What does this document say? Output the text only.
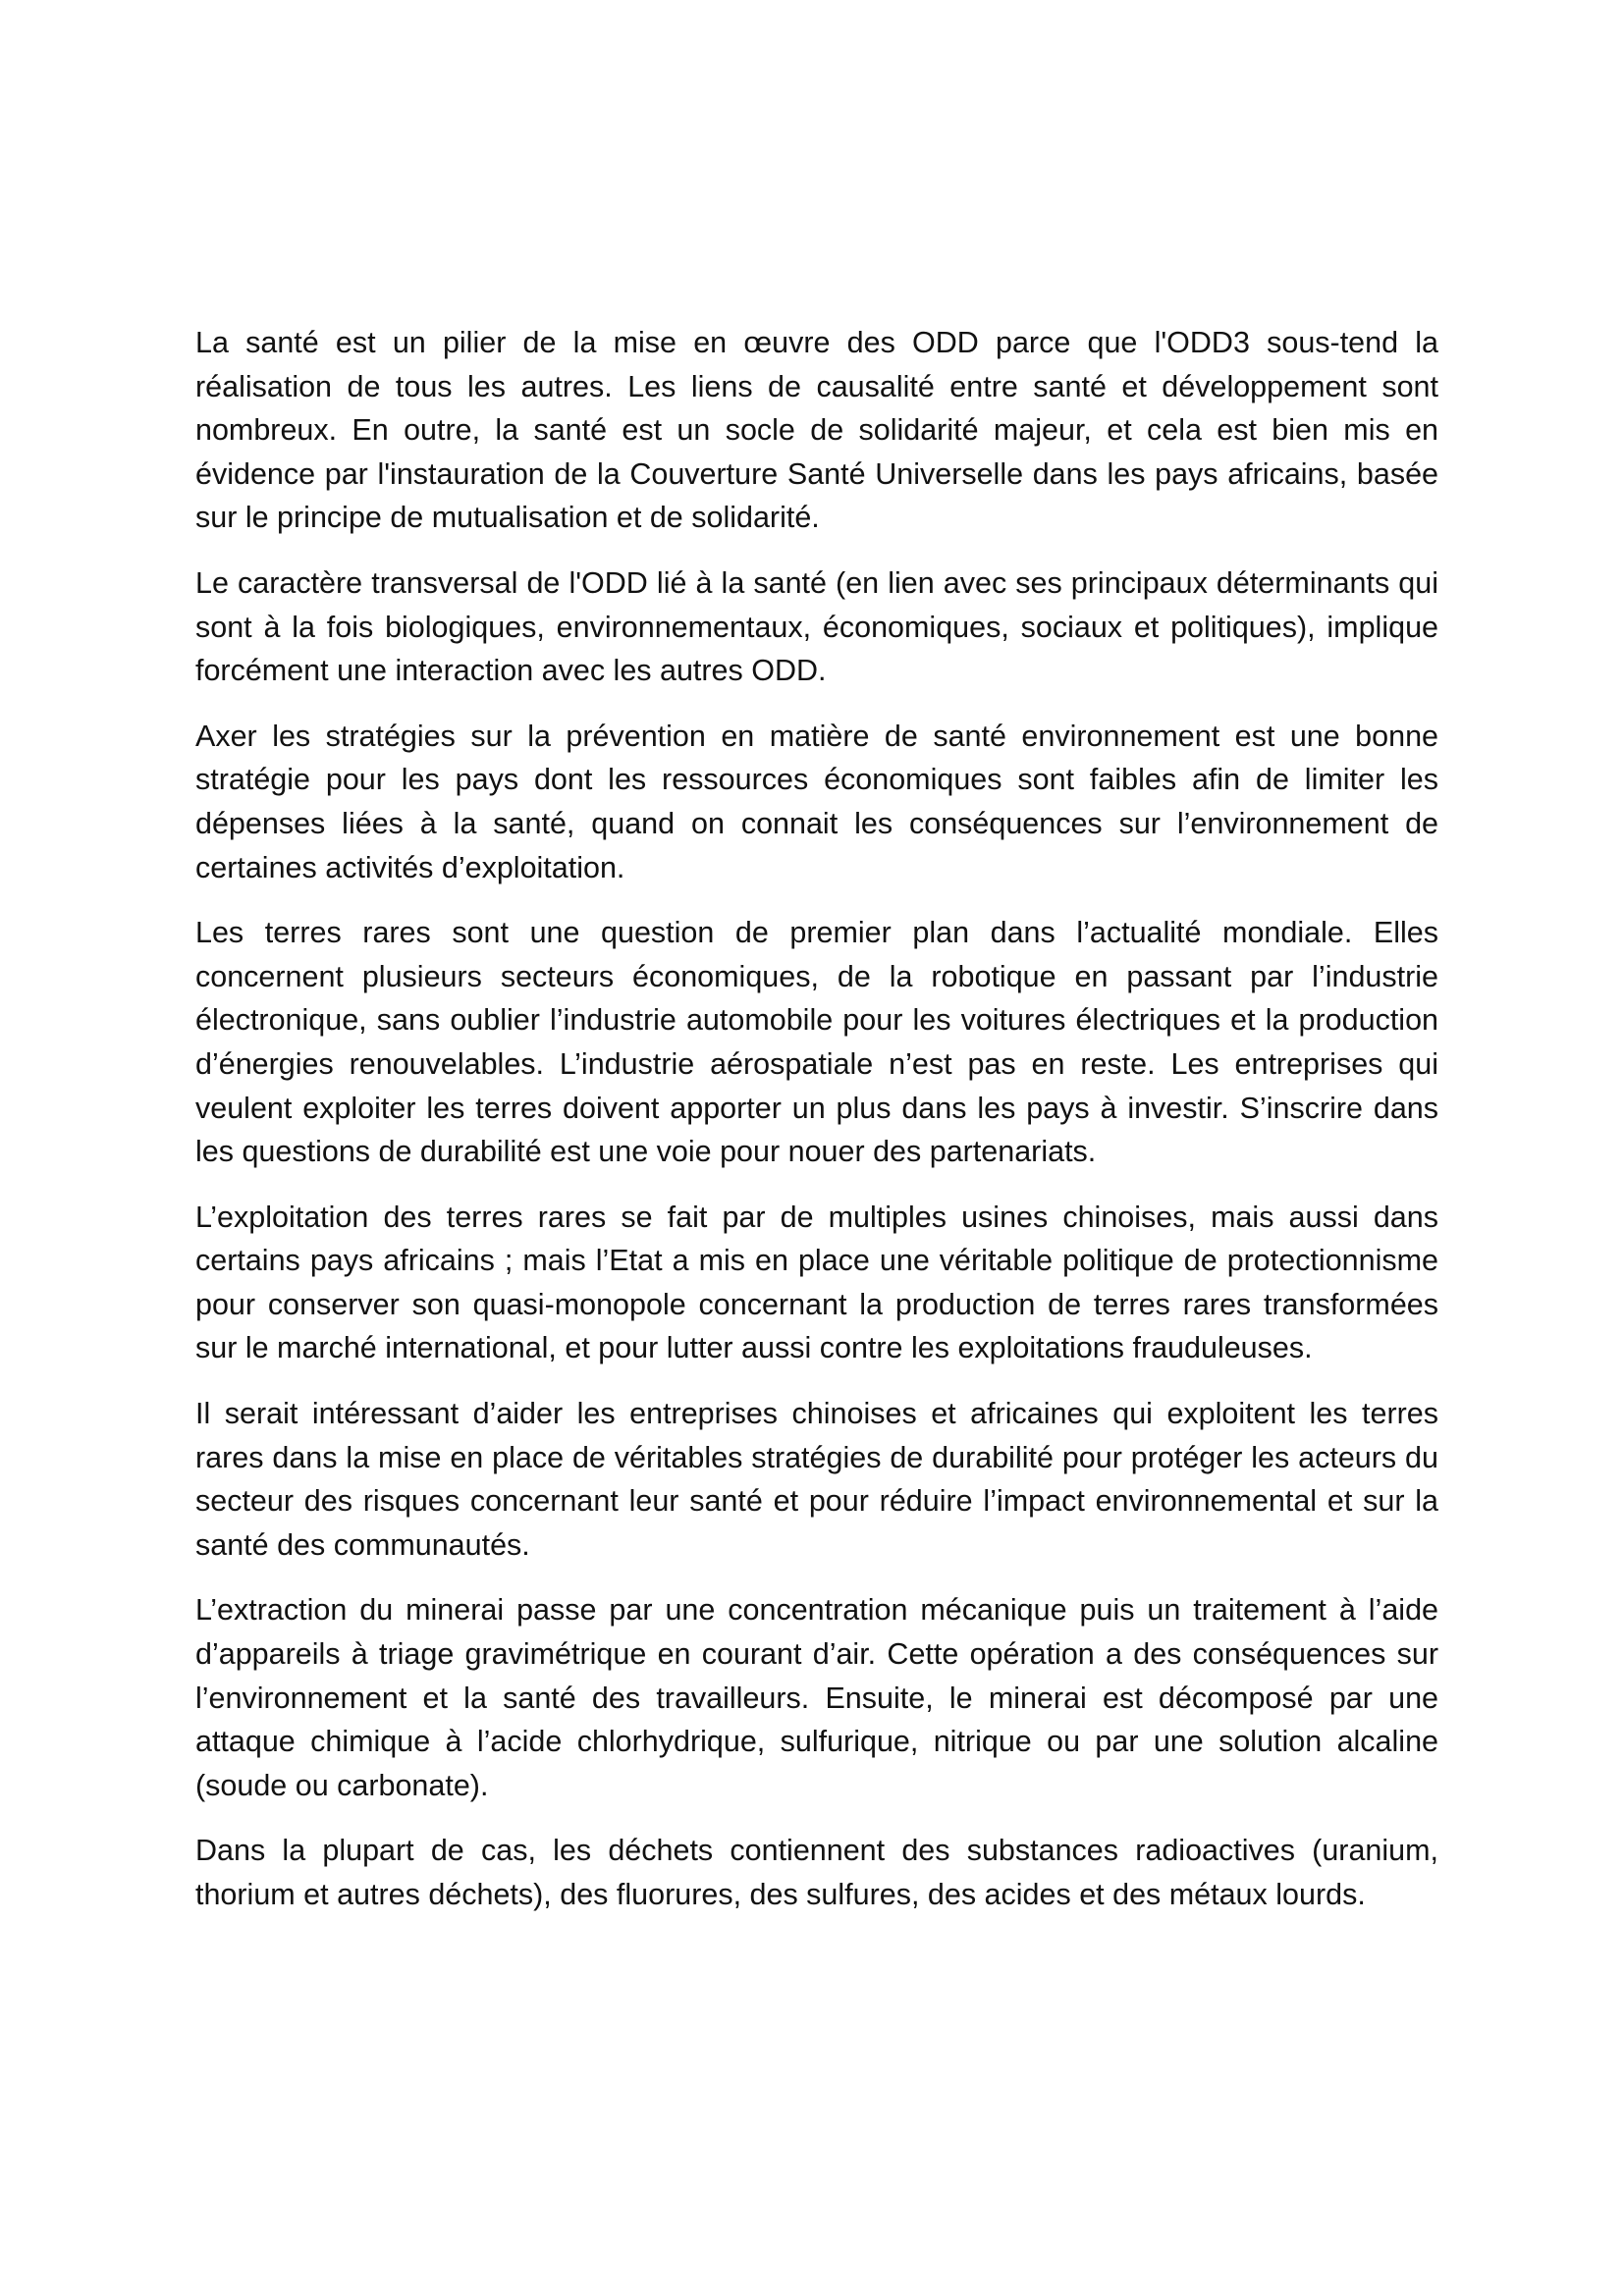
La santé est un pilier de la mise en œuvre des ODD parce que l'ODD3 sous-tend la réalisation de tous les autres. Les liens de causalité entre santé et développement sont nombreux. En outre, la santé est un socle de solidarité majeur, et cela est bien mis en évidence par l'instauration de la Couverture Santé Universelle dans les pays africains, basée sur le principe de mutualisation et de solidarité.

Le caractère transversal de l'ODD lié à la santé (en lien avec ses principaux déterminants qui sont à la fois biologiques, environnementaux, économiques, sociaux et politiques), implique forcément une interaction avec les autres ODD.

Axer les stratégies sur la prévention en matière de santé environnement est une bonne stratégie pour les pays dont les ressources économiques sont faibles afin de limiter les dépenses liées à la santé, quand on connait les conséquences sur l’environnement de certaines activités d’exploitation.

Les terres rares sont une question de premier plan dans l’actualité mondiale. Elles concernent plusieurs secteurs économiques, de la robotique en passant par l’industrie électronique, sans oublier l’industrie automobile pour les voitures électriques et la production d’énergies renouvelables. L’industrie aérospatiale n’est pas en reste. Les entreprises qui veulent exploiter les terres doivent apporter un plus dans les pays à investir. S’inscrire dans les questions de durabilité est une voie pour nouer des partenariats.

L’exploitation des terres rares se fait par de multiples usines chinoises, mais aussi dans certains pays africains ; mais l’Etat a mis en place une véritable politique de protectionnisme pour conserver son quasi-monopole concernant la production de terres rares transformées sur le marché international, et pour lutter aussi contre les exploitations frauduleuses.

Il serait intéressant d’aider les entreprises chinoises et africaines qui exploitent les terres rares dans la mise en place de véritables stratégies de durabilité pour protéger les acteurs du secteur des risques concernant leur santé et pour réduire l’impact environnemental et sur la santé des communautés.

L’extraction du minerai passe par une concentration mécanique puis un traitement à l’aide d’appareils à triage gravimétrique en courant d’air. Cette opération a des conséquences sur l’environnement et la santé des travailleurs. Ensuite, le minerai est décomposé par une attaque chimique à l’acide chlorhydrique, sulfurique, nitrique ou par une solution alcaline (soude ou carbonate).

Dans la plupart de cas, les déchets contiennent des substances radioactives (uranium, thorium et autres déchets), des fluorures, des sulfures, des acides et des métaux lourds.
